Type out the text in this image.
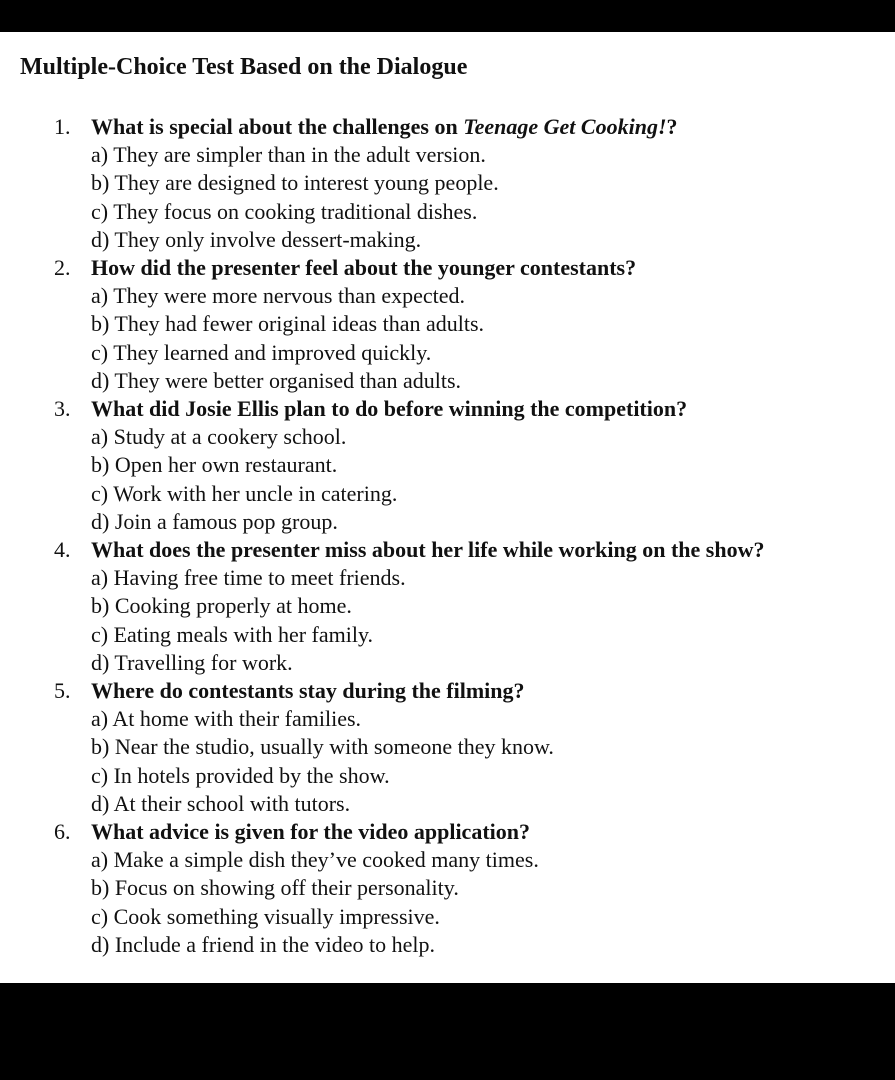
Multiple-Choice Test Based on the Dialogue
1. What is special about the challenges on Teenage Get Cooking!?
a) They are simpler than in the adult version.
b) They are designed to interest young people.
c) They focus on cooking traditional dishes.
d) They only involve dessert-making.
2. How did the presenter feel about the younger contestants?
a) They were more nervous than expected.
b) They had fewer original ideas than adults.
c) They learned and improved quickly.
d) They were better organised than adults.
3. What did Josie Ellis plan to do before winning the competition?
a) Study at a cookery school.
b) Open her own restaurant.
c) Work with her uncle in catering.
d) Join a famous pop group.
4. What does the presenter miss about her life while working on the show?
a) Having free time to meet friends.
b) Cooking properly at home.
c) Eating meals with her family.
d) Travelling for work.
5. Where do contestants stay during the filming?
a) At home with their families.
b) Near the studio, usually with someone they know.
c) In hotels provided by the show.
d) At their school with tutors.
6. What advice is given for the video application?
a) Make a simple dish they’ve cooked many times.
b) Focus on showing off their personality.
c) Cook something visually impressive.
d) Include a friend in the video to help.
